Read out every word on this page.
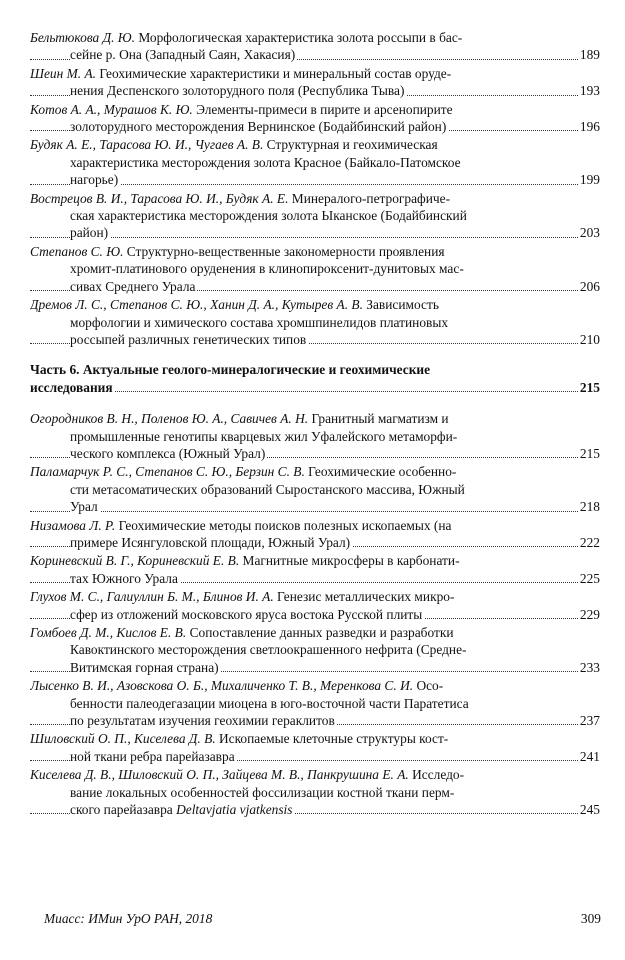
Бельтюкова Д. Ю. Морфологическая характеристика золота россыпи в бас-
сейне р. Она (Западный Саян, Хакасия)	189
Шеин М. А. Геохимические характеристики и минеральный состав оруде-
нения Деспенского золоторудного поля (Республика Тыва)	193
Котов А. А., Мурашов К. Ю. Элементы-примеси в пирите и арсенопирите
золоторудного месторождения Вернинское (Бодайбинский район)	196
Будяк А. Е., Тарасова Ю. И., Чугаев А. В. Структурная и геохимическая
характеристика месторождения золота Красное (Байкало-Патомское
нагорье)	199
Вострецов В. И., Тарасова Ю. И., Будяк А. Е. Минералого-петрографиче-
ская характеристика месторождения золота Ыканское (Бодайбинский
район)	203
Степанов С. Ю. Структурно-вещественные закономерности проявления
хромит-платинового оруденения в клинопироксенит-дунитовых мас-
сивах Среднего Урала	206
Дремов Л. С., Степанов С. Ю., Ханин Д. А., Кутырев А. В. Зависимость
морфологии и химического состава хромшпинелидов платиновых
россыпей различных генетических типов	210
Часть 6. Актуальные геолого-минералогические и геохимические
исследования	215
Огородников В. Н., Поленов Ю. А., Савичев А. Н. Гранитный магматизм и
промышленные генотипы кварцевых жил Уфалейского метаморфи-
ческого комплекса (Южный Урал)	215
Паламарчук Р. С., Степанов С. Ю., Берзин С. В. Геохимические особенно-
сти метасоматических образований Сыростанского массива, Южный
Урал	218
Низамова Л. Р. Геохимические методы поисков полезных ископаемых (на
примере Исянгуловской площади, Южный Урал)	222
Кориневский В. Г., Кориневский Е. В. Магнитные микросферы в карбонати-
тах Южного Урала	225
Глухов М. С., Галиуллин Б. М., Блинов И. А. Генезис металлических микро-
сфер из отложений московского яруса востока Русской плиты	229
Гомбоев Д. М., Кислов Е. В. Сопоставление данных разведки и разработки
Кавоктинского месторождения светлоокрашенного нефрита (Средне-
Витимская горная страна)	233
Лысенко В. И., Азовскова О. Б., Михаличенко Т. В., Меренкова С. И. Осо-
бенности палеодегазации миоцена в юго-восточной части Паратетиса
по результатам изучения геохимии гераклитов	237
Шиловский О. П., Киселева Д. В. Ископаемые клеточные структуры кост-
ной ткани ребра парейазавра	241
Киселева Д. В., Шиловский О. П., Зайцева М. В., Панкрушина Е. А. Исследо-
вание локальных особенностей фоссилизации костной ткани перм-
ского парейазавра Deltavjatia vjatkensis	245
Миасс: ИМин УрО РАН, 2018	309
